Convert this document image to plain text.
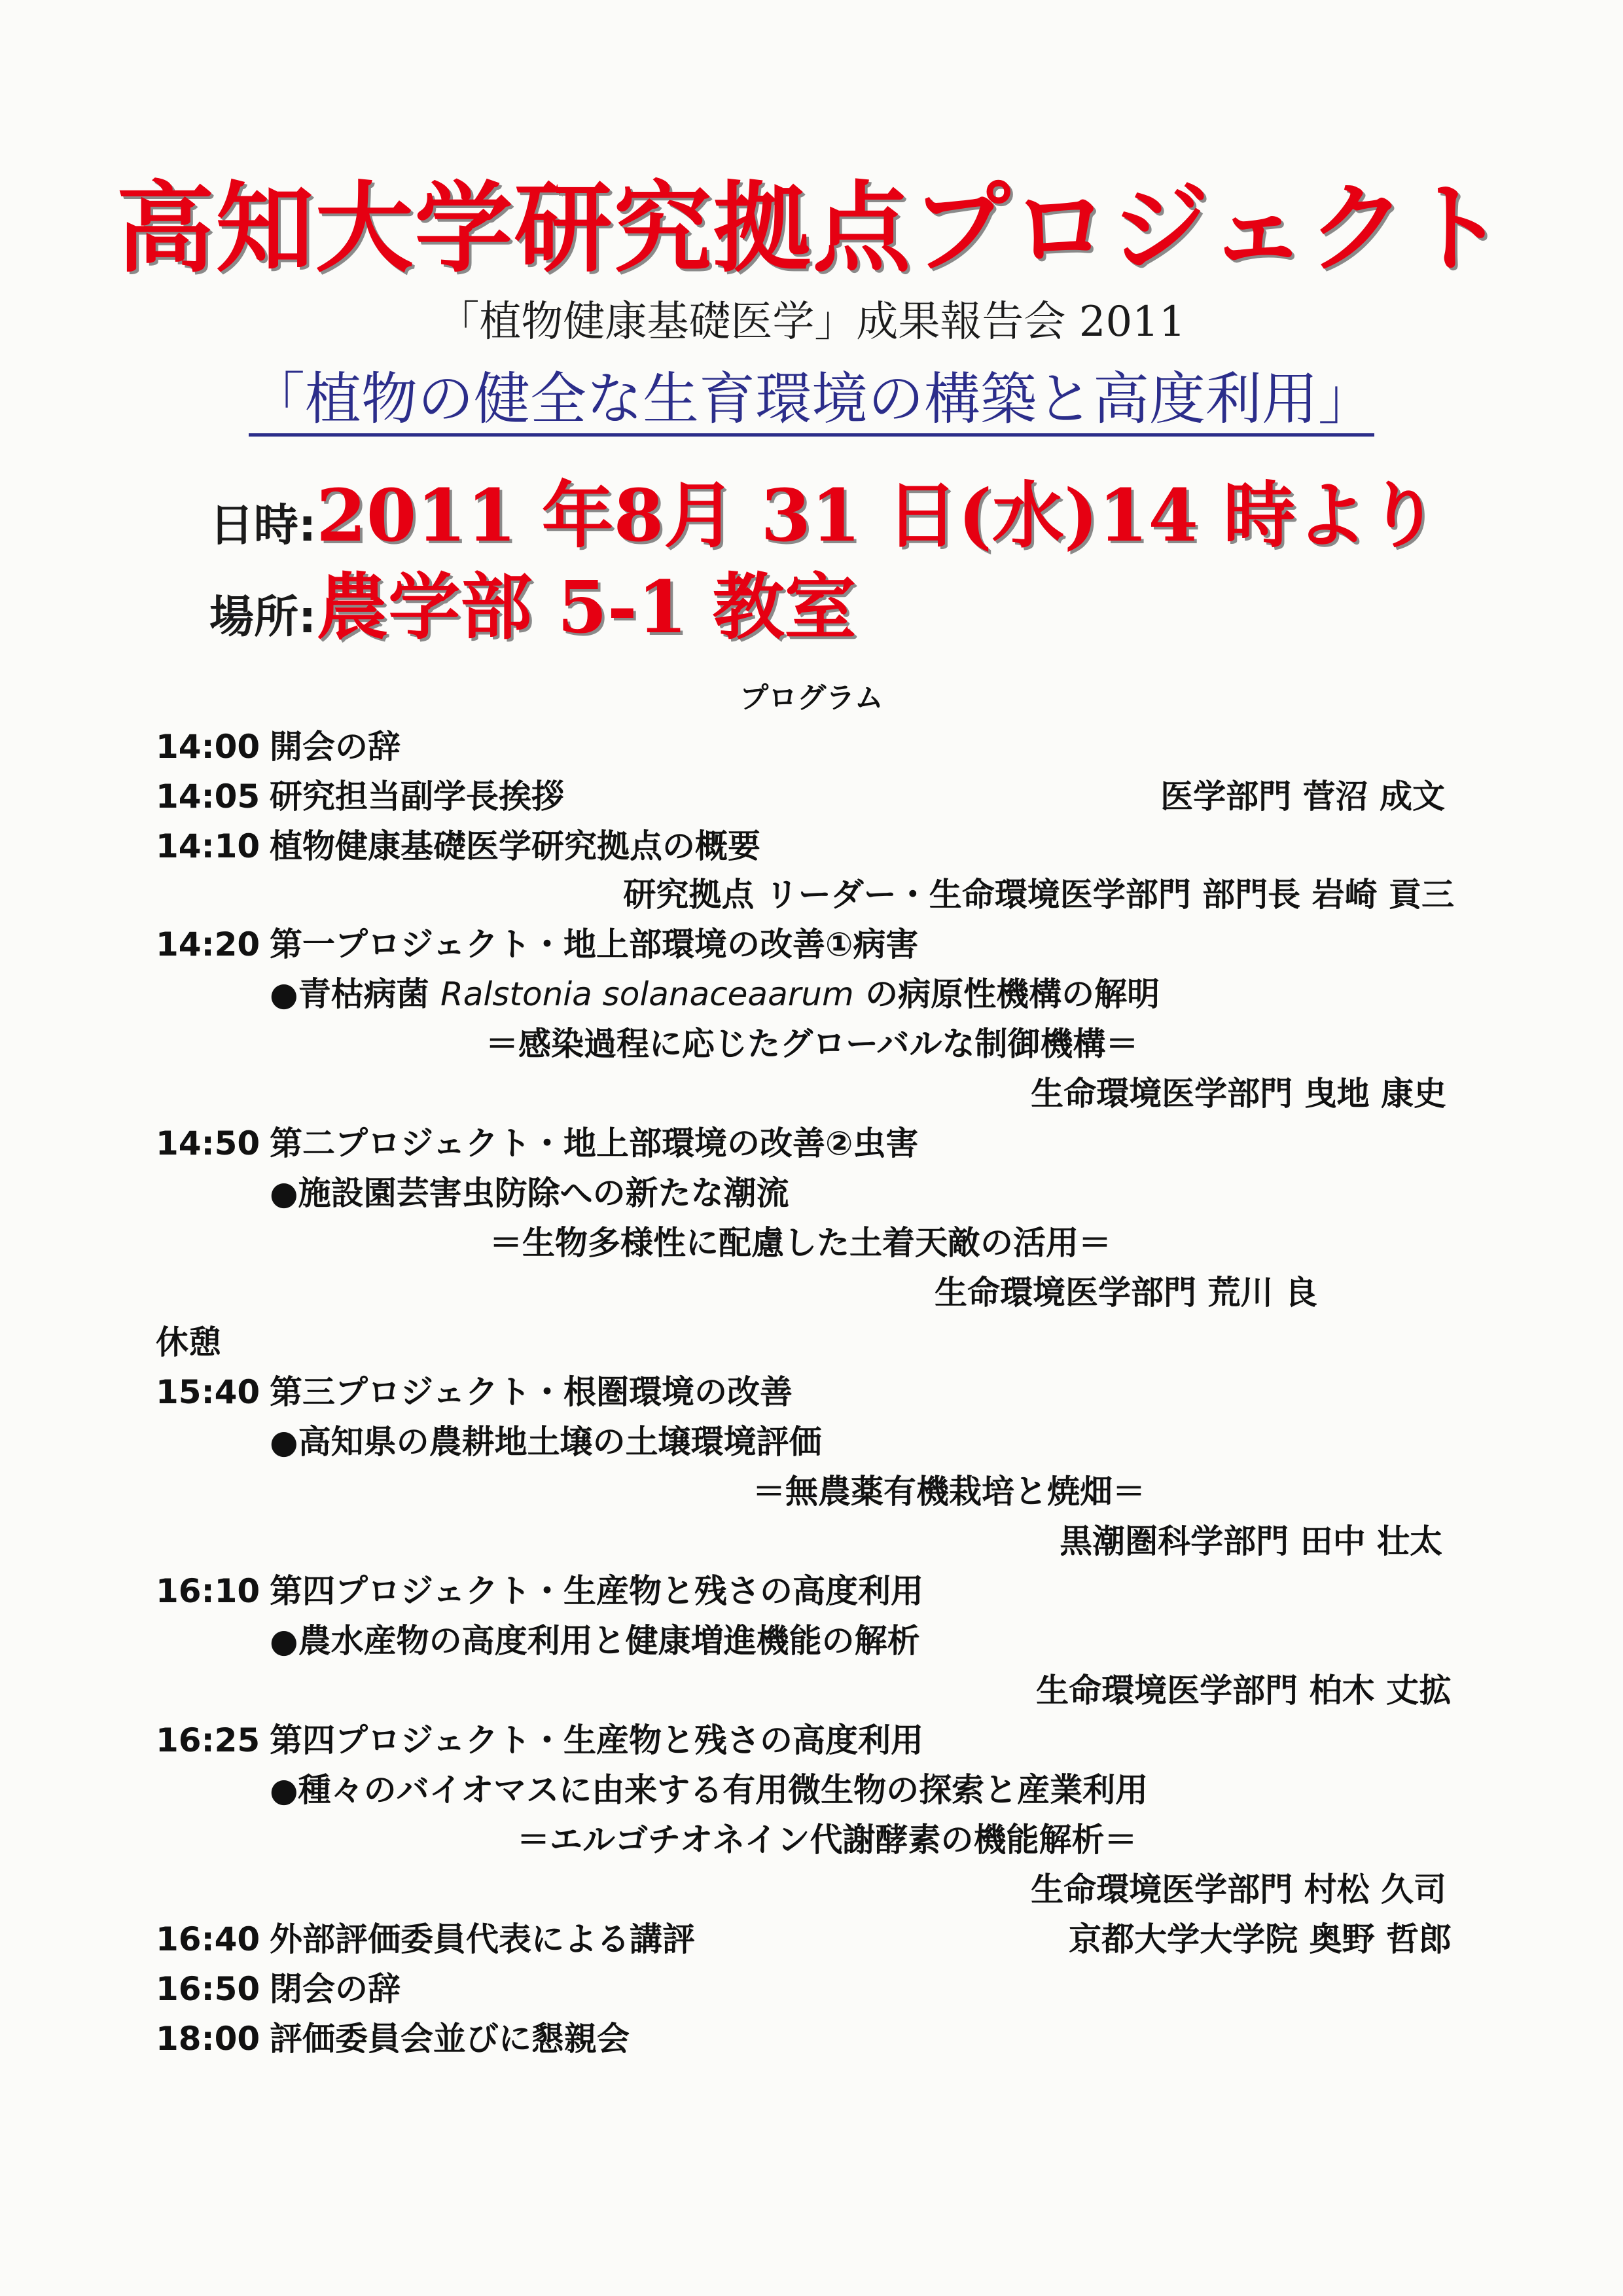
高知大学研究拠点プロジェクト
「植物健康基礎医学」成果報告会 2011
「植物の健全な生育環境の構築と高度利用」
日時:2011 年8月 31 日(水)14 時より
場所:農学部 5-1 教室
プログラム
14:00 開会の辞
14:05 研究担当副学長挨拶	医学部門 菅沼 成文
14:10 植物健康基礎医学研究拠点の概要
研究拠点 リーダー・生命環境医学部門 部門長 岩崎 貢三
14:20 第一プロジェクト・地上部環境の改善①病害
●青枯病菌 Ralstonia solanaceaarum の病原性機構の解明
＝感染過程に応じたグローバルな制御機構＝
生命環境医学部門 曳地 康史
14:50 第二プロジェクト・地上部環境の改善②虫害
●施設園芸害虫防除への新たな潮流
＝生物多様性に配慮した土着天敵の活用＝
生命環境医学部門 荒川 良
休憩
15:40 第三プロジェクト・根圏環境の改善
●高知県の農耕地土壌の土壌環境評価
＝無農薬有機栽培と焼畑＝
黒潮圏科学部門 田中 壮太
16:10 第四プロジェクト・生産物と残さの高度利用
●農水産物の高度利用と健康増進機能の解析
生命環境医学部門 柏木 丈拡
16:25 第四プロジェクト・生産物と残さの高度利用
●種々のバイオマスに由来する有用微生物の探索と産業利用
＝エルゴチオネイン代謝酵素の機能解析＝
生命環境医学部門 村松 久司
16:40 外部評価委員代表による講評	京都大学大学院 奥野 哲郎
16:50 閉会の辞
18:00 評価委員会並びに懇親会
